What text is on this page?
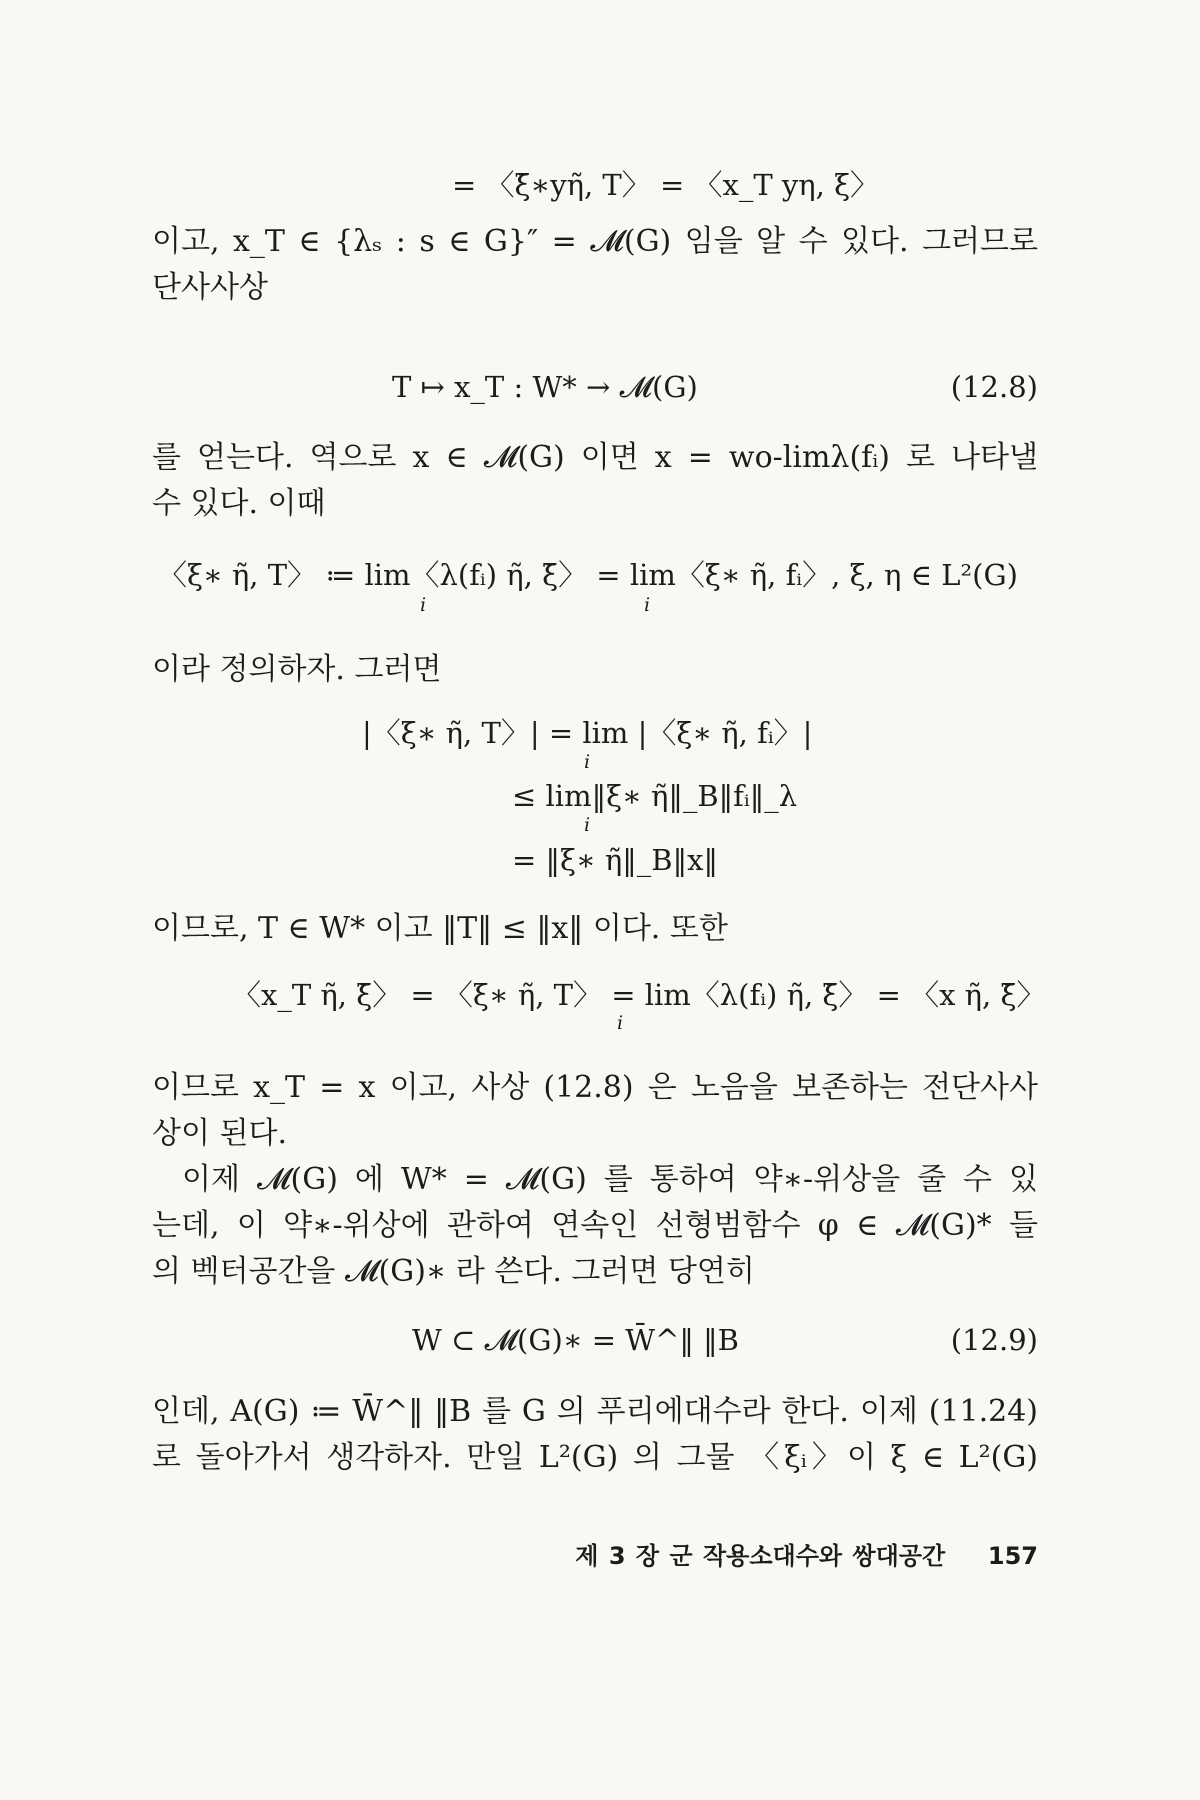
= 〈ξ̄∗yη̃, T〉 = 〈x_T yη, ξ〉
이고, x_T ∈ {λₛ : s ∈ G}″ = 𝓜(G) 임을 알 수 있다. 그러므로
단사사상
T ↦ x_T : W* → 𝓜(G)	(12.8)
를 얻는다. 역으로 x ∈ 𝓜(G) 이면 x = wo-limλ(fᵢ) 로 나타낼
수 있다. 이때
〈ξ∗ η̃, T〉 ≔ lim〈λ(fᵢ) η̃, ξ̄〉 = lim〈ξ∗ η̃, fᵢ〉, ξ, η ∈ L²(G)
i	i
이라 정의하자. 그러면
|〈ξ∗ η̃, T〉| = lim |〈ξ∗ η̃, fᵢ〉|
i
≤ lim‖ξ∗ η̃‖_B‖fᵢ‖_λ
i
= ‖ξ∗ η̃‖_B‖x‖
이므로, T ∈ W* 이고 ‖T‖ ≤ ‖x‖ 이다. 또한
〈x_T η̃, ξ̄〉 = 〈ξ∗ η̃, T〉 = lim〈λ(fᵢ) η̃, ξ̄〉 = 〈x η̃, ξ̄〉
i
이므로 x_T = x 이고, 사상 (12.8) 은 노음을 보존하는 전단사사
상이 된다.
이제 𝓜(G) 에 W* = 𝓜(G) 를 통하여 약∗-위상을 줄 수 있
는데, 이 약∗-위상에 관하여 연속인 선형범함수 φ ∈ 𝓜(G)* 들
의 벡터공간을 𝓜(G)∗ 라 쓴다. 그러면 당연히
W ⊂ 𝓜(G)∗ = W̄^‖ ‖B	(12.9)
인데, A(G) ≔ W̄^‖ ‖B 를 G 의 푸리에대수라 한다. 이제 (11.24)
로 돌아가서 생각하자. 만일 L²(G) 의 그물 〈ξᵢ〉이 ξ ∈ L²(G)
제 3 장 군 작용소대수와 쌍대공간 157
